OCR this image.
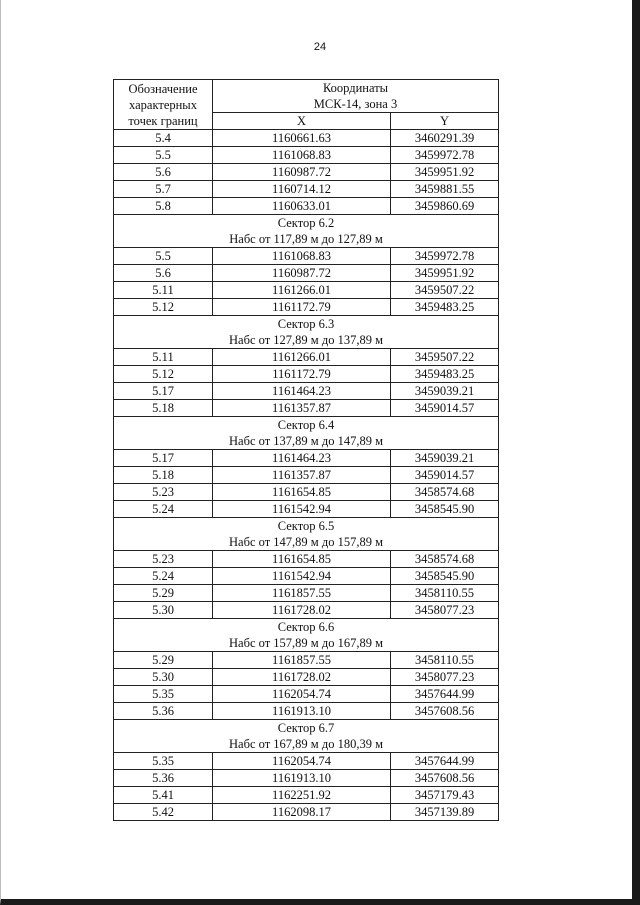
24
Обозначение
характерных
точек границ	Координаты
МСК-14, зона 3	

	X	Y
5.4	1160661.63	3460291.39
5.5	1161068.83	3459972.78
5.6	1160987.72	3459951.92
5.7	1160714.12	3459881.55
5.8	1160633.01	3459860.69

Сектор 6.2
Набс от 117,89 м до 127,89 м		

5.5	1161068.83	3459972.78
5.6	1160987.72	3459951.92
5.11	1161266.01	3459507.22
5.12	1161172.79	3459483.25

Сектор 6.3
Набс от 127,89 м до 137,89 м		

5.11	1161266.01	3459507.22
5.12	1161172.79	3459483.25
5.17	1161464.23	3459039.21
5.18	1161357.87	3459014.57

Сектор 6.4
Набс от 137,89 м до 147,89 м		

5.17	1161464.23	3459039.21
5.18	1161357.87	3459014.57
5.23	1161654.85	3458574.68
5.24	1161542.94	3458545.90

Сектор 6.5
Набс от 147,89 м до 157,89 м		

5.23	1161654.85	3458574.68
5.24	1161542.94	3458545.90
5.29	1161857.55	3458110.55
5.30	1161728.02	3458077.23

Сектор 6.6
Набс от 157,89 м до 167,89 м		

5.29	1161857.55	3458110.55
5.30	1161728.02	3458077.23
5.35	1162054.74	3457644.99
5.36	1161913.10	3457608.56

Сектор 6.7
Набс от 167,89 м до 180,39 м		

5.35	1162054.74	3457644.99
5.36	1161913.10	3457608.56
5.41	1162251.92	3457179.43
5.42	1162098.17	3457139.89
